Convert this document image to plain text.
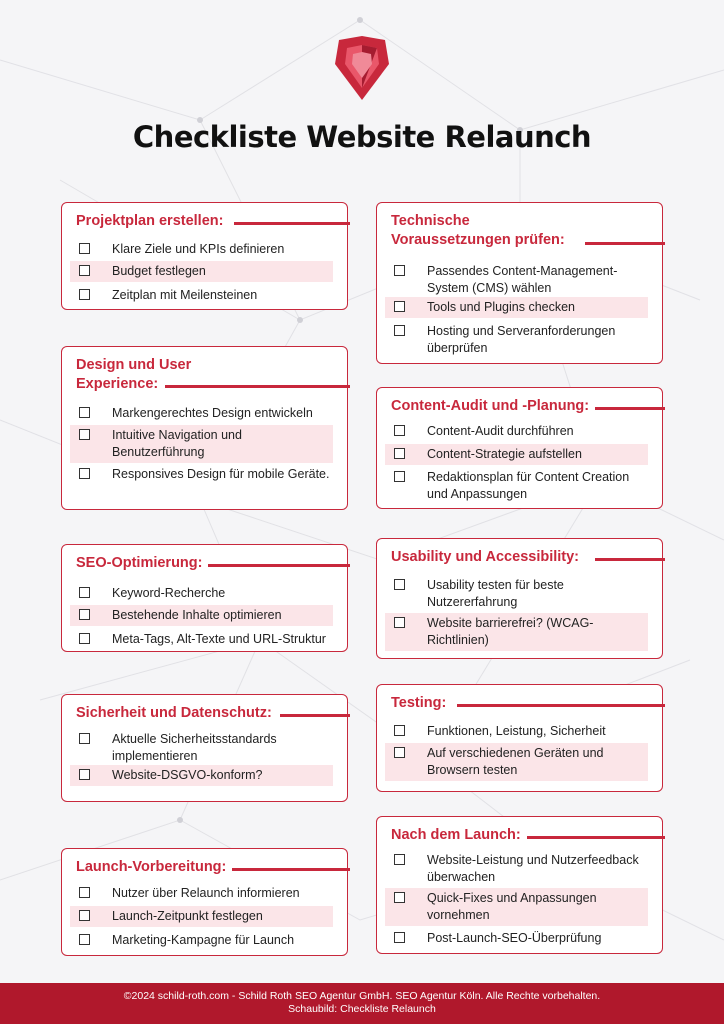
Checkliste Website Relaunch
Projektplan erstellen:
Klare Ziele und KPIs definieren
Budget festlegen
Zeitplan mit Meilensteinen
Technische Voraussetzungen prüfen:
Passendes Content-Management-System (CMS) wählen
Tools und Plugins checken
Hosting und Serveranforderungen überprüfen
Design und User Experience:
Markengerechtes Design entwickeln
Intuitive Navigation und Benutzerführung
Responsives Design für mobile Geräte.
Content-Audit und -Planung:
Content-Audit durchführen
Content-Strategie aufstellen
Redaktionsplan für Content Creation und Anpassungen
SEO-Optimierung:
Keyword-Recherche
Bestehende Inhalte optimieren
Meta-Tags, Alt-Texte und URL-Struktur
Usability und Accessibility:
Usability testen für beste Nutzererfahrung
Website barrierefrei? (WCAG-Richtlinien)
Sicherheit und Datenschutz:
Aktuelle Sicherheitsstandards implementieren
Website-DSGVO-konform?
Testing:
Funktionen, Leistung, Sicherheit
Auf verschiedenen Geräten und Browsern testen
Nach dem Launch:
Website-Leistung und Nutzerfeedback überwachen
Quick-Fixes und Anpassungen vornehmen
Post-Launch-SEO-Überprüfung
Launch-Vorbereitung:
Nutzer über Relaunch informieren
Launch-Zeitpunkt festlegen
Marketing-Kampagne für Launch
©2024 schild-roth.com - Schild Roth SEO Agentur GmbH. SEO Agentur Köln. Alle Rechte vorbehalten.
Schaubild: Checkliste Relaunch
